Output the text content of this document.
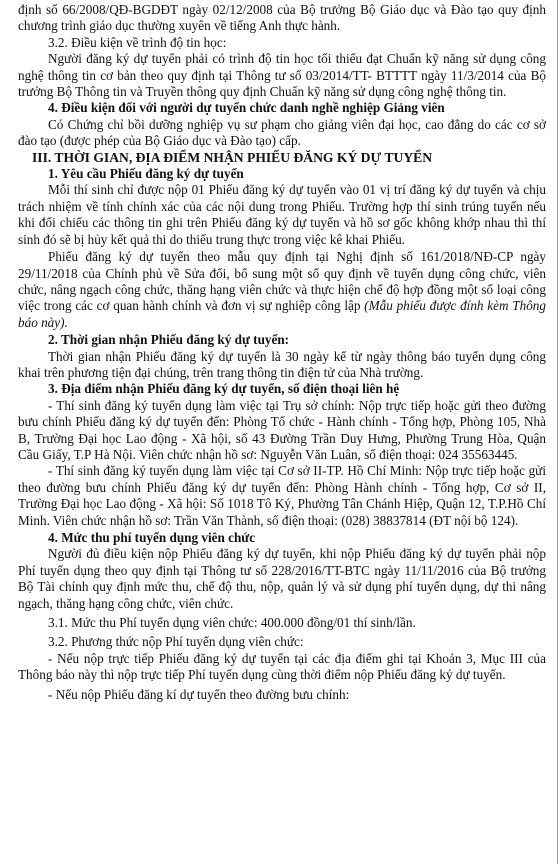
định số 66/2008/QĐ-BGDĐT ngày 02/12/2008 của Bộ trưởng Bộ Giáo dục và Đào tạo quy định chương trình giáo dục thường xuyên về tiếng Anh thực hành.

3.2. Điều kiện về trình độ tin học:

Người đăng ký dự tuyển phải có trình độ tin học tối thiểu đạt Chuẩn kỹ năng sử dụng công nghệ thông tin cơ bản theo quy định tại Thông tư số 03/2014/TT- BTTTT ngày 11/3/2014 của Bộ trưởng Bộ Thông tin và Truyền thông quy định Chuẩn kỹ năng sử dụng công nghệ thông tin.

4. Điều kiện đối với người dự tuyển chức danh nghề nghiệp Giảng viên

Có Chứng chỉ bồi dưỡng nghiệp vụ sư phạm cho giảng viên đại học, cao đẳng do các cơ sở đào tạo (được phép của Bộ Giáo dục và Đào tạo) cấp.

III. THỜI GIAN, ĐỊA ĐIỂM NHẬN PHIẾU ĐĂNG KÝ DỰ TUYỂN

1. Yêu cầu Phiếu đăng ký dự tuyển

Mỗi thí sinh chỉ được nộp 01 Phiếu đăng ký dự tuyển vào 01 vị trí đăng ký dự tuyển và chịu trách nhiệm về tính chính xác của các nội dung trong Phiếu. Trường hợp thí sinh trúng tuyển nếu khi đối chiếu các thông tin ghi trên Phiếu đăng ký dự tuyển và hồ sơ gốc không khớp nhau thì thí sinh đó sẽ bị hủy kết quả thi do thiếu trung thực trong việc kê khai Phiếu.

Phiếu đăng ký dự tuyển theo mẫu quy định tại Nghị định số 161/2018/NĐ-CP ngày 29/11/2018 của Chính phủ về Sửa đổi, bổ sung một số quy định về tuyển dụng công chức, viên chức, nâng ngạch công chức, thăng hạng viên chức và thực hiện chế độ hợp đồng một số loại công việc trong các cơ quan hành chính và đơn vị sự nghiệp công lập (Mẫu phiếu được đính kèm Thông báo này).

2. Thời gian nhận Phiếu đăng ký dự tuyển:

Thời gian nhận Phiếu đăng ký dự tuyển là 30 ngày kể từ ngày thông báo tuyển dụng công khai trên phương tiện đại chúng, trên trang thông tin điện tử của Nhà trường.

3. Địa điểm nhận Phiếu đăng ký dự tuyển, số điện thoại liên hệ

- Thí sinh đăng ký tuyển dụng làm việc tại Trụ sở chính: Nộp trực tiếp hoặc gửi theo đường bưu chính Phiếu đăng ký dự tuyển đến: Phòng Tổ chức - Hành chính - Tổng hợp, Phòng 105, Nhà B, Trường Đại học Lao động - Xã hội, số 43 Đường Trần Duy Hưng, Phường Trung Hòa, Quận Cầu Giấy, T.P Hà Nội. Viên chức nhận hồ sơ: Nguyễn Văn Luân, số điện thoại: 024 35563445.

- Thí sinh đăng ký tuyển dụng làm việc tại Cơ sở II-TP. Hồ Chí Minh: Nộp trực tiếp hoặc gửi theo đường bưu chính Phiếu đăng ký dự tuyển đến: Phòng Hành chính - Tổng hợp, Cơ sở II, Trường Đại học Lao động - Xã hội: Số 1018 Tô Ký, Phường Tân Chánh Hiệp, Quận 12, T.P.Hồ Chí Minh. Viên chức nhận hồ sơ: Trần Văn Thành, số điện thoại: (028) 38837814 (ĐT nội bộ 124).

4. Mức thu phí tuyển dụng viên chức

Người đủ điều kiện nộp Phiếu đăng ký dự tuyển, khi nộp Phiếu đăng ký dự tuyển phải nộp Phí tuyển dụng theo quy định tại Thông tư số 228/2016/TT-BTC ngày 11/11/2016 của Bộ trưởng Bộ Tài chính quy định mức thu, chế độ thu, nộp, quản lý và sử dụng phí tuyển dụng, dự thi nâng ngạch, thăng hạng công chức, viên chức.

3.1. Mức thu Phí tuyển dụng viên chức: 400.000 đồng/01 thí sinh/lần.

3.2. Phương thức nộp Phí tuyển dụng viên chức:

- Nếu nộp trực tiếp Phiếu đăng ký dự tuyển tại các địa điểm ghi tại Khoản 3, Mục III của Thông báo này thì nộp trực tiếp Phí tuyển dụng cùng thời điểm nộp Phiếu đăng ký dự tuyển.

- Nếu nộp Phiếu đăng kí dự tuyển theo đường bưu chính:
